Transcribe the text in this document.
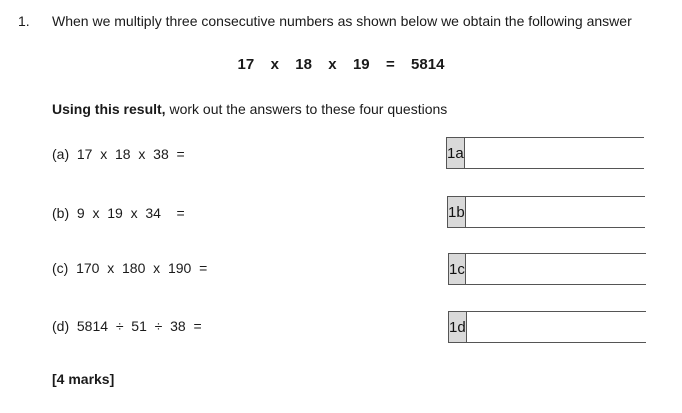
1. When we multiply three consecutive numbers as shown below we obtain the following answer
17  x  18  x  19  =  5814
Using this result, work out the answers to these four questions
(a)  17  x  18  x  38  =	1a
(b)  9  x  19  x  34    =	1b
(c)  170  x  180  x  190  =	1c
(d)  5814  ÷  51  ÷  38  =	1d
[4 marks]
